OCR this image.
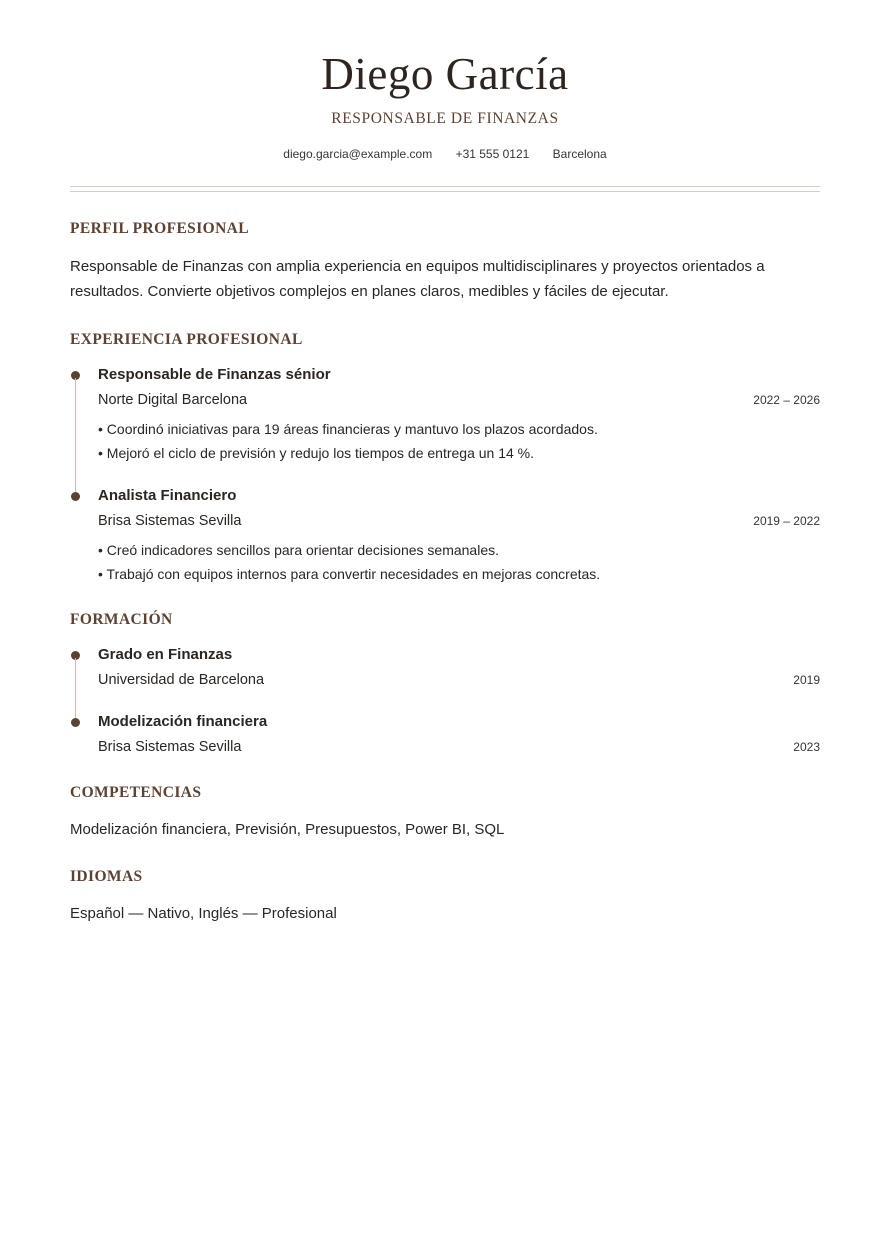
Diego García
RESPONSABLE DE FINANZAS
diego.garcia@example.com +31 555 0121 Barcelona
PERFIL PROFESIONAL

Responsable de Finanzas con amplia experiencia en equipos multidisciplinares y proyectos orientados a resultados. Convierte objetivos complejos en planes claros, medibles y fáciles de ejecutar.

EXPERIENCIA PROFESIONAL
Responsable de Finanzas sénior
Norte Digital Barcelona	2022 – 2026
• Coordinó iniciativas para 19 áreas financieras y mantuvo los plazos acordados.
• Mejoró el ciclo de previsión y redujo los tiempos de entrega un 14 %.
Analista Financiero
Brisa Sistemas Sevilla	2019 – 2022
• Creó indicadores sencillos para orientar decisiones semanales.
• Trabajó con equipos internos para convertir necesidades en mejoras concretas.
FORMACIÓN
Grado en Finanzas
Universidad de Barcelona	2019
Modelización financiera
Brisa Sistemas Sevilla	2023
COMPETENCIAS

Modelización financiera, Previsión, Presupuestos, Power BI, SQL

IDIOMAS

Español — Nativo, Inglés — Profesional
